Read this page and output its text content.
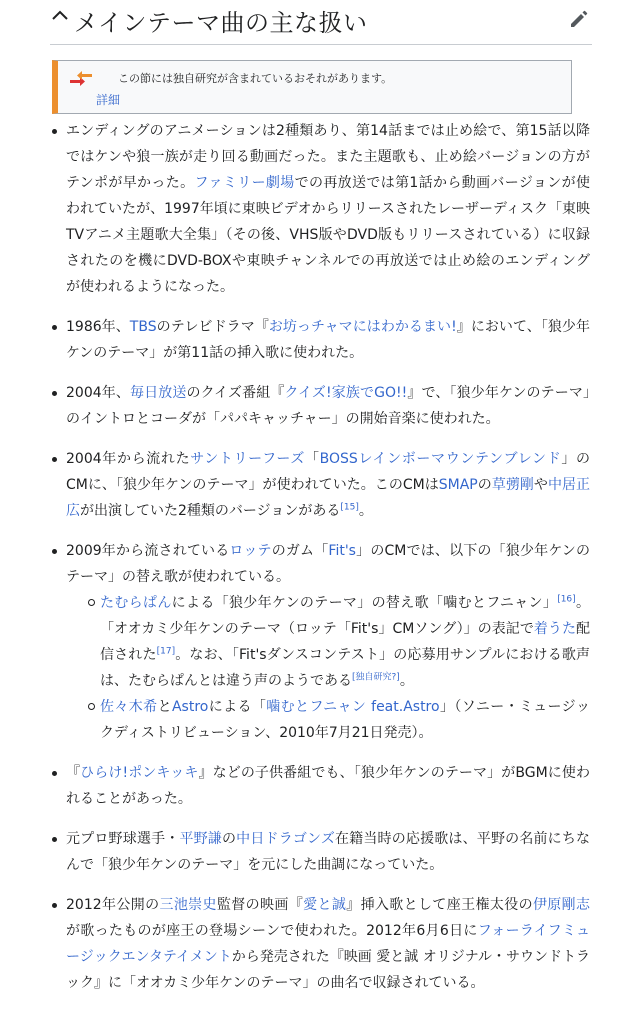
メインテーマ曲の主な扱い
この節には独自研究が含まれているおそれがあります。
詳細
エンディングのアニメーションは2種類あり、第14話までは止め絵で、第15話以降ではケンや狼一族が走り回る動画だった。また主題歌も、止め絵バージョンの方がテンポが早かった。ファミリー劇場での再放送では第1話から動画バージョンが使われていたが、1997年頃に東映ビデオからリリースされたレーザーディスク「東映TVアニメ主題歌大全集」（その後、VHS版やDVD版もリリースされている）に収録されたのを機にDVD-BOXや東映チャンネルでの再放送では止め絵のエンディングが使われるようになった。
1986年、TBSのテレビドラマ『お坊っチャマにはわかるまい!』において、「狼少年ケンのテーマ」が第11話の挿入歌に使われた。
2004年、毎日放送のクイズ番組『クイズ!家族でGO!!』で、「狼少年ケンのテーマ」のイントロとコーダが「パパキャッチャー」の開始音楽に使われた。
2004年から流れたサントリーフーズ「BOSSレインボーマウンテンブレンド」のCMに、「狼少年ケンのテーマ」が使われていた。このCMはSMAPの草彅剛や中居正広が出演していた2種類のバージョンがある[15]。
2009年から流されているロッテのガム「Fit's」のCMでは、以下の「狼少年ケンのテーマ」の替え歌が使われている。
たむらぱんによる「狼少年ケンのテーマ」の替え歌「噛むとフニャン」[16]。「オオカミ少年ケンのテーマ（ロッテ「Fit's」CMソング）」の表記で着うた配信された[17]。なお、「Fit'sダンスコンテスト」の応募用サンプルにおける歌声は、たむらぱんとは違う声のようである[独自研究?]。
佐々木希とAstroによる「噛むとフニャン feat.Astro」（ソニー・ミュージックディストリビューション、2010年7月21日発売）。
『ひらけ!ポンキッキ』などの子供番組でも、「狼少年ケンのテーマ」がBGMに使われることがあった。
元プロ野球選手・平野謙の中日ドラゴンズ在籍当時の応援歌は、平野の名前にちなんで「狼少年ケンのテーマ」を元にした曲調になっていた。
2012年公開の三池崇史監督の映画『愛と誠』挿入歌として座王権太役の伊原剛志が歌ったものが座王の登場シーンで使われた。2012年6月6日にフォーライフミュージックエンタテイメントから発売された『映画 愛と誠 オリジナル・サウンドトラック』に「オオカミ少年ケンのテーマ」の曲名で収録されている。
